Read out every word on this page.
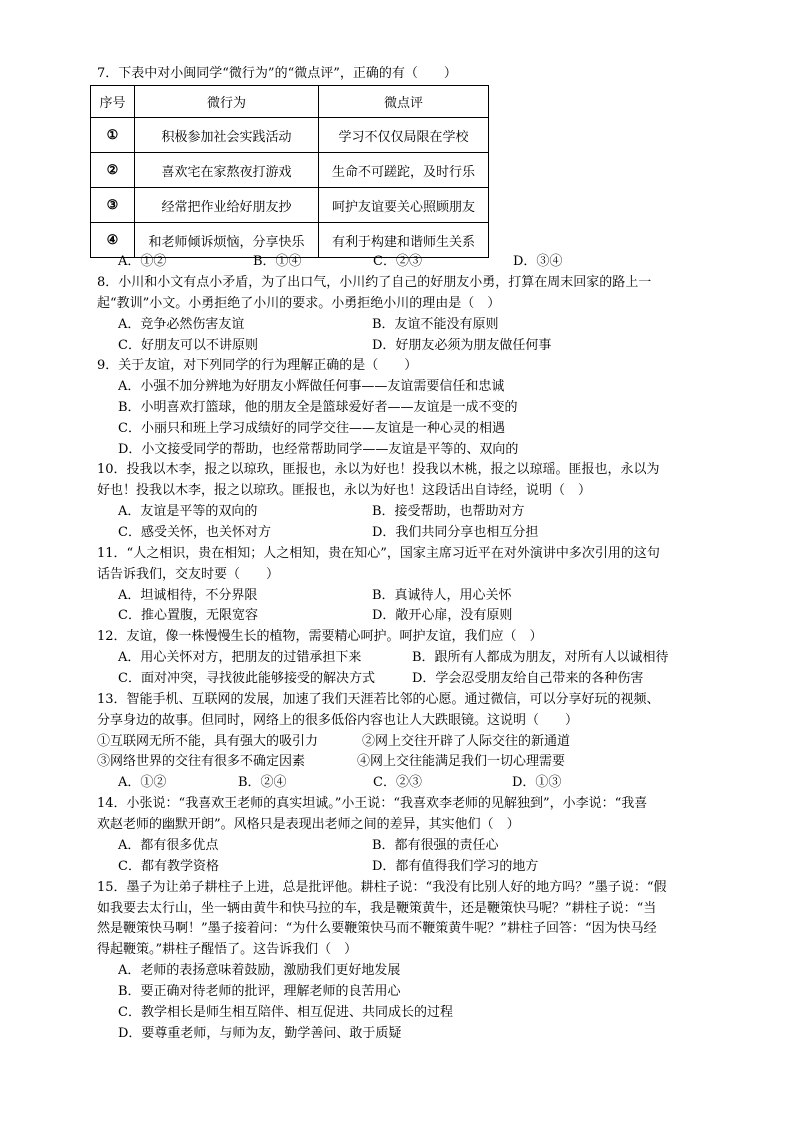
7．下表中对小闽同学“微行为”的“微点评”，正确的有（　　）
序号	微行为	微点评
①	积极参加社会实践活动	学习不仅仅局限在学校
②	喜欢宅在家熬夜打游戏	生命不可蹉跎，及时行乐
③	经常把作业给好朋友抄	呵护友谊要关心照顾朋友
④	和老师倾诉烦恼，分享快乐	有利于构建和谐师生关系
A．①②	B．①④	C．②③	D．③④
8．小川和小文有点小矛盾，为了出口气，小川约了自己的好朋友小勇，打算在周末回家的路上一
起“教训”小文。小勇拒绝了小川的要求。小勇拒绝小川的理由是（　）
A．竞争必然伤害友谊	B．友谊不能没有原则
C．好朋友可以不讲原则	D．好朋友必须为朋友做任何事
9．关于友谊，对下列同学的行为理解正确的是（　　）
A．小强不加分辨地为好朋友小辉做任何事——友谊需要信任和忠诚
B．小明喜欢打篮球，他的朋友全是篮球爱好者——友谊是一成不变的
C．小丽只和班上学习成绩好的同学交往——友谊是一种心灵的相遇
D．小文接受同学的帮助，也经常帮助同学——友谊是平等的、双向的
10．投我以木李，报之以琼玖，匪报也，永以为好也！投我以木桃，报之以琼瑶。匪报也，永以为
好也！投我以木李，报之以琼玖。匪报也，永以为好也！这段话出自诗经，说明（　）
A．友谊是平等的双向的	B．接受帮助，也帮助对方
C．感受关怀，也关怀对方	D．我们共同分享也相互分担
11．“人之相识，贵在相知；人之相知，贵在知心”，国家主席习近平在对外演讲中多次引用的这句
话告诉我们，交友时要（　　）
A．坦诚相待，不分界限	B．真诚待人，用心关怀
C．推心置腹，无限宽容	D．敞开心扉，没有原则
12．友谊，像一株慢慢生长的植物，需要精心呵护。呵护友谊，我们应（　）
A．用心关怀对方，把朋友的过错承担下来	B．跟所有人都成为朋友，对所有人以诚相待
C．面对冲突，寻找彼此能够接受的解决方式	D．学会忍受朋友给自己带来的各种伤害
13．智能手机、互联网的发展，加速了我们天涯若比邻的心愿。通过微信，可以分享好玩的视频、
分享身边的故事。但同时，网络上的很多低俗内容也让人大跌眼镜。这说明（　　）
①互联网无所不能，具有强大的吸引力	②网上交往开辟了人际交往的新通道
③网络世界的交往有很多不确定因素	④网上交往能满足我们一切心理需要
A．①②	B．②④	C．②③	D．①③
14．小张说：“我喜欢王老师的真实坦诚。”小王说：“我喜欢李老师的见解独到”，小李说：“我喜
欢赵老师的幽默开朗”。风格只是表现出老师之间的差异，其实他们（　）
A．都有很多优点	B．都有很强的责任心
C．都有教学资格	D．都有值得我们学习的地方
15．墨子为让弟子耕柱子上进，总是批评他。耕柱子说：“我没有比别人好的地方吗？”墨子说：“假
如我要去太行山，坐一辆由黄牛和快马拉的车，我是鞭策黄牛，还是鞭策快马呢？”耕柱子说：“当
然是鞭策快马啊！”墨子接着问：“为什么要鞭策快马而不鞭策黄牛呢？”耕柱子回答：“因为快马经
得起鞭策。”耕柱子醒悟了。这告诉我们（　）
A．老师的表扬意味着鼓励，激励我们更好地发展
B．要正确对待老师的批评，理解老师的良苦用心
C．教学相长是师生相互陪伴、相互促进、共同成长的过程
D．要尊重老师，与师为友，勤学善问、敢于质疑
